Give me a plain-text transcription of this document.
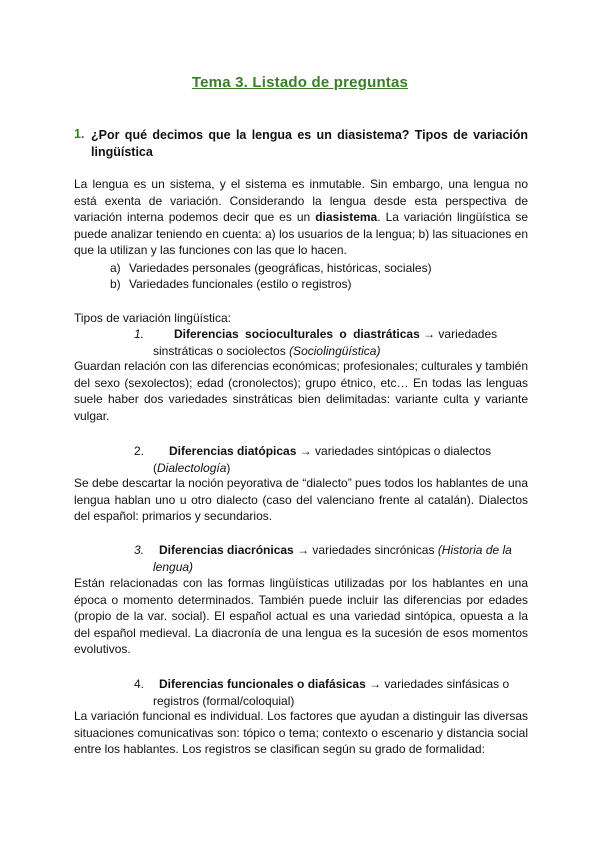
Tema 3. Listado de preguntas
1. ¿Por qué decimos que la lengua es un diasistema? Tipos de variación lingüística
La lengua es un sistema, y el sistema es inmutable. Sin embargo, una lengua no está exenta de variación. Considerando la lengua desde esta perspectiva de variación interna podemos decir que es un diasistema. La variación lingüística se puede analizar teniendo en cuenta: a) los usuarios de la lengua; b) las situaciones en que la utilizan y las funciones con las que lo hacen.
a) Variedades personales (geográficas, históricas, sociales)
b) Variedades funcionales (estilo o registros)
Tipos de variación lingüística:
1.	Diferencias socioculturales o diastráticas → variedades sinstráticas o sociolectos (Sociolingüística)
Guardan relación con las diferencias económicas; profesionales; culturales y también del sexo (sexolectos); edad (cronolectos); grupo étnico, etc… En todas las lenguas suele haber dos variedades sinstráticas bien delimitadas: variante culta y variante vulgar.
2.	Diferencias diatópicas → variedades sintópicas o dialectos (Dialectología)
Se debe descartar la noción peyorativa de “dialecto” pues todos los hablantes de una lengua hablan uno u otro dialecto (caso del valenciano frente al catalán). Dialectos del español: primarios y secundarios.
3.	Diferencias diacrónicas → variedades sincrónicas (Historia de la lengua)
Están relacionadas con las formas lingüísticas utilizadas por los hablantes en una época o momento determinados. También puede incluir las diferencias por edades (propio de la var. social). El español actual es una variedad sintópica, opuesta a la del español medieval. La diacronía de una lengua es la sucesión de esos momentos evolutivos.
4.	Diferencias funcionales o diafásicas → variedades sinfásicas o registros (formal/coloquial)
La variación funcional es individual. Los factores que ayudan a distinguir las diversas situaciones comunicativas son: tópico o tema; contexto o escenario y distancia social entre los hablantes. Los registros se clasifican según su grado de formalidad:
